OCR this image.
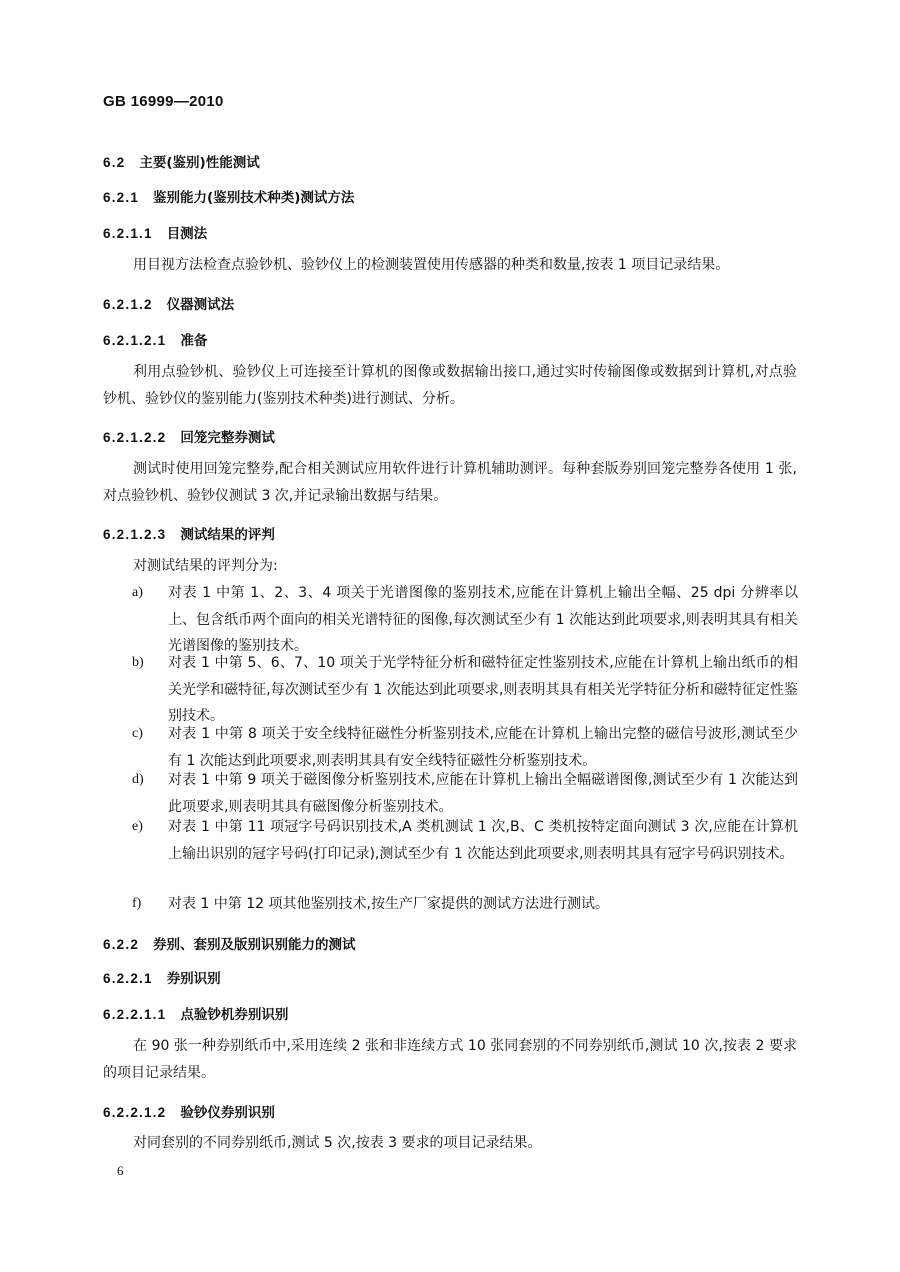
GB 16999—2010
6.2 主要(鉴别)性能测试
6.2.1 鉴别能力(鉴别技术种类)测试方法
6.2.1.1 目测法
用目视方法检查点验钞机、验钞仪上的检测装置使用传感器的种类和数量,按表 1 项目记录结果。
6.2.1.2 仪器测试法
6.2.1.2.1 准备
利用点验钞机、验钞仪上可连接至计算机的图像或数据输出接口,通过实时传输图像或数据到计算机,对点验钞机、验钞仪的鉴别能力(鉴别技术种类)进行测试、分析。
6.2.1.2.2 回笼完整券测试
测试时使用回笼完整券,配合相关测试应用软件进行计算机辅助测评。每种套版券别回笼完整券各使用 1 张,对点验钞机、验钞仪测试 3 次,并记录输出数据与结果。
6.2.1.2.3 测试结果的评判
对测试结果的评判分为:
a) 对表 1 中第 1、2、3、4 项关于光谱图像的鉴别技术,应能在计算机上输出全幅、25 dpi 分辨率以上、包含纸币两个面向的相关光谱特征的图像,每次测试至少有 1 次能达到此项要求,则表明其具有相关光谱图像的鉴别技术。
b) 对表 1 中第 5、6、7、10 项关于光学特征分析和磁特征定性鉴别技术,应能在计算机上输出纸币的相关光学和磁特征,每次测试至少有 1 次能达到此项要求,则表明其具有相关光学特征分析和磁特征定性鉴别技术。
c) 对表 1 中第 8 项关于安全线特征磁性分析鉴别技术,应能在计算机上输出完整的磁信号波形,测试至少有 1 次能达到此项要求,则表明其具有安全线特征磁性分析鉴别技术。
d) 对表 1 中第 9 项关于磁图像分析鉴别技术,应能在计算机上输出全幅磁谱图像,测试至少有 1 次能达到此项要求,则表明其具有磁图像分析鉴别技术。
e) 对表 1 中第 11 项冠字号码识别技术,A 类机测试 1 次,B、C 类机按特定面向测试 3 次,应能在计算机上输出识别的冠字号码(打印记录),测试至少有 1 次能达到此项要求,则表明其具有冠字号码识别技术。
f) 对表 1 中第 12 项其他鉴别技术,按生产厂家提供的测试方法进行测试。
6.2.2 券别、套别及版别识别能力的测试
6.2.2.1 券别识别
6.2.2.1.1 点验钞机券别识别
在 90 张一种券别纸币中,采用连续 2 张和非连续方式 10 张同套别的不同券别纸币,测试 10 次,按表 2 要求的项目记录结果。
6.2.2.1.2 验钞仪券别识别
对同套别的不同券别纸币,测试 5 次,按表 3 要求的项目记录结果。
6
